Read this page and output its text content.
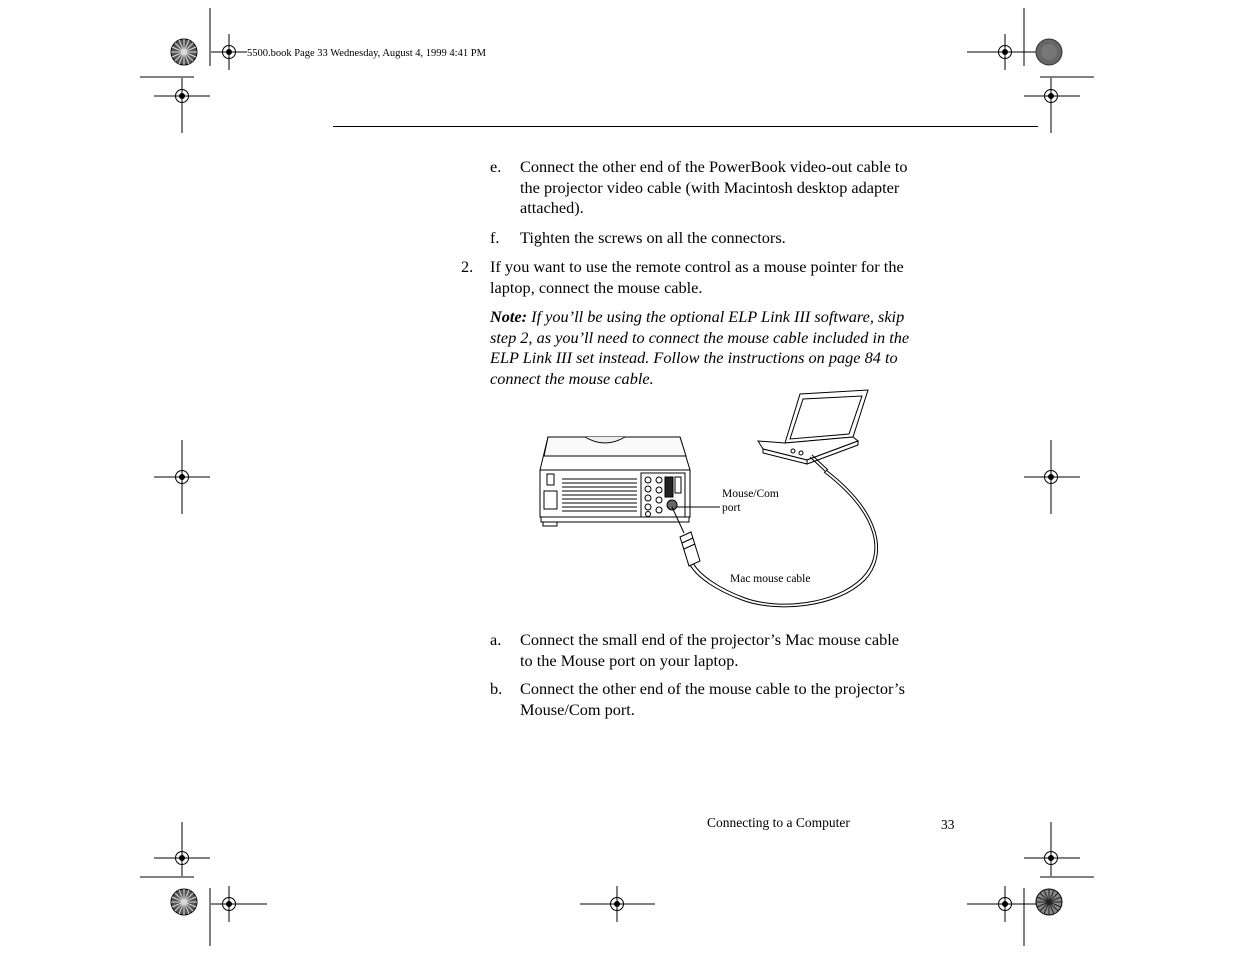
5500.book Page 33 Wednesday, August 4, 1999 4:41 PM
e.	Connect the other end of the PowerBook video-out cable to
the projector video cable (with Macintosh desktop adapter
attached).
f.	Tighten the screws on all the connectors.
2.	If you want to use the remote control as a mouse pointer for the
laptop, connect the mouse cable.
Note: If you’ll be using the optional ELP Link III software, skip
step 2, as you’ll need to connect the mouse cable included in the
ELP Link III set instead. Follow the instructions on page 84 to
connect the mouse cable.
Mouse/Com
port
Mac mouse cable
a.	Connect the small end of the projector’s Mac mouse cable
to the Mouse port on your laptop.
b.	Connect the other end of the mouse cable to the projector’s
Mouse/Com port.
Connecting to a Computer	33
